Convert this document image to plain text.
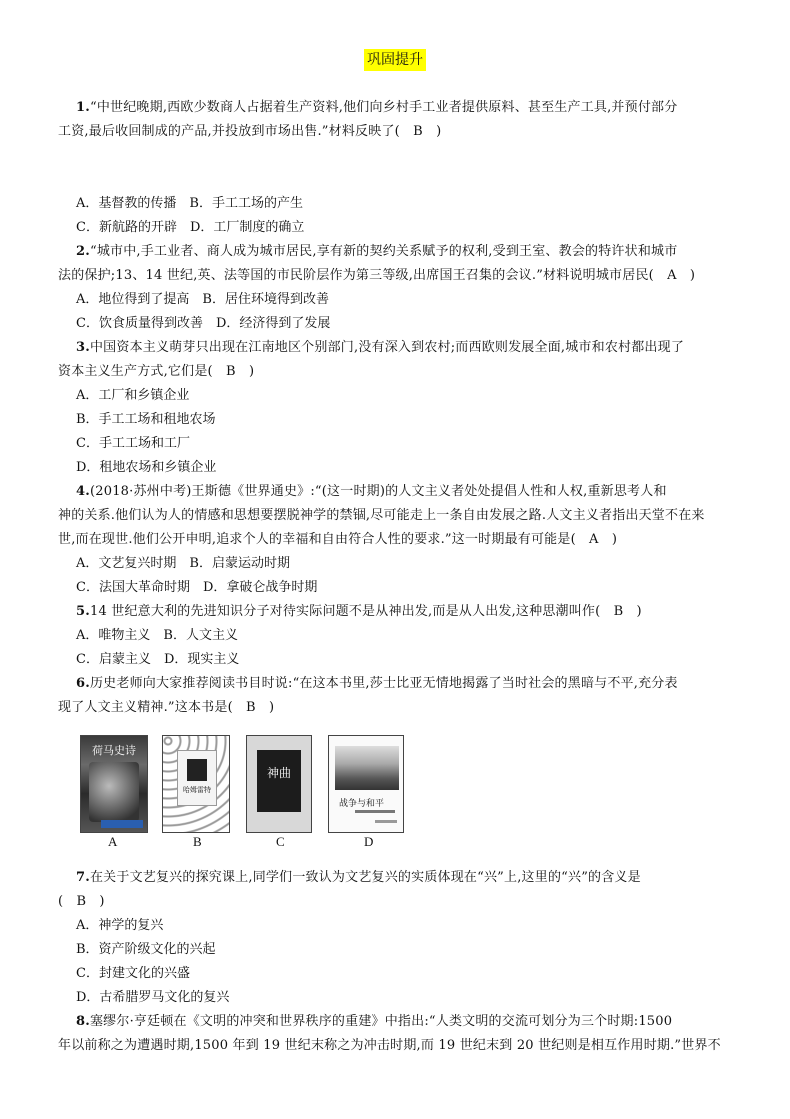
巩固提升
1.“中世纪晚期,西欧少数商人占据着生产资料,他们向乡村手工业者提供原料、甚至生产工具,并预付部分
工资,最后收回制成的产品,并投放到市场出售.”材料反映了(　B　)
A．基督教的传播　B．手工工场的产生
C．新航路的开辟　D．工厂制度的确立
2.“城市中,手工业者、商人成为城市居民,享有新的契约关系赋予的权利,受到王室、教会的特许状和城市
法的保护;13、14 世纪,英、法等国的市民阶层作为第三等级,出席国王召集的会议.”材料说明城市居民(　A　)
A．地位得到了提高　B．居住环境得到改善
C．饮食质量得到改善　D．经济得到了发展
3.中国资本主义萌芽只出现在江南地区个别部门,没有深入到农村;而西欧则发展全面,城市和农村都出现了
资本主义生产方式,它们是(　B　)
A．工厂和乡镇企业
B．手工工场和租地农场
C．手工工场和工厂
D．租地农场和乡镇企业
4.(2018·苏州中考)王斯德《世界通史》:“(这一时期)的人文主义者处处提倡人性和人权,重新思考人和
神的关系.他们认为人的情感和思想要摆脱神学的禁锢,尽可能走上一条自由发展之路.人文主义者指出天堂不在来
世,而在现世.他们公开申明,追求个人的幸福和自由符合人性的要求.”这一时期最有可能是(　A　)
A．文艺复兴时期　B．启蒙运动时期
C．法国大革命时期　D．拿破仑战争时期
5.14 世纪意大利的先进知识分子对待实际问题不是从神出发,而是从人出发,这种思潮叫作(　B　)
A．唯物主义　B．人文主义
C．启蒙主义　D．现实主义
6.历史老师向大家推荐阅读书目时说:“在这本书里,莎士比亚无情地揭露了当时社会的黑暗与不平,充分表
现了人文主义精神.”这本书是(　B　)
荷马史诗
哈姆雷特
神曲
战争与和平
A	B	C	D
7.在关于文艺复兴的探究课上,同学们一致认为文艺复兴的实质体现在“兴”上,这里的“兴”的含义是
(　B　)
A．神学的复兴
B．资产阶级文化的兴起
C．封建文化的兴盛
D．古希腊罗马文化的复兴
8.塞缪尔·亨廷顿在《文明的冲突和世界秩序的重建》中指出:“人类文明的交流可划分为三个时期:1500
年以前称之为遭遇时期,1500 年到 19 世纪末称之为冲击时期,而 19 世纪末到 20 世纪则是相互作用时期.”世界不
